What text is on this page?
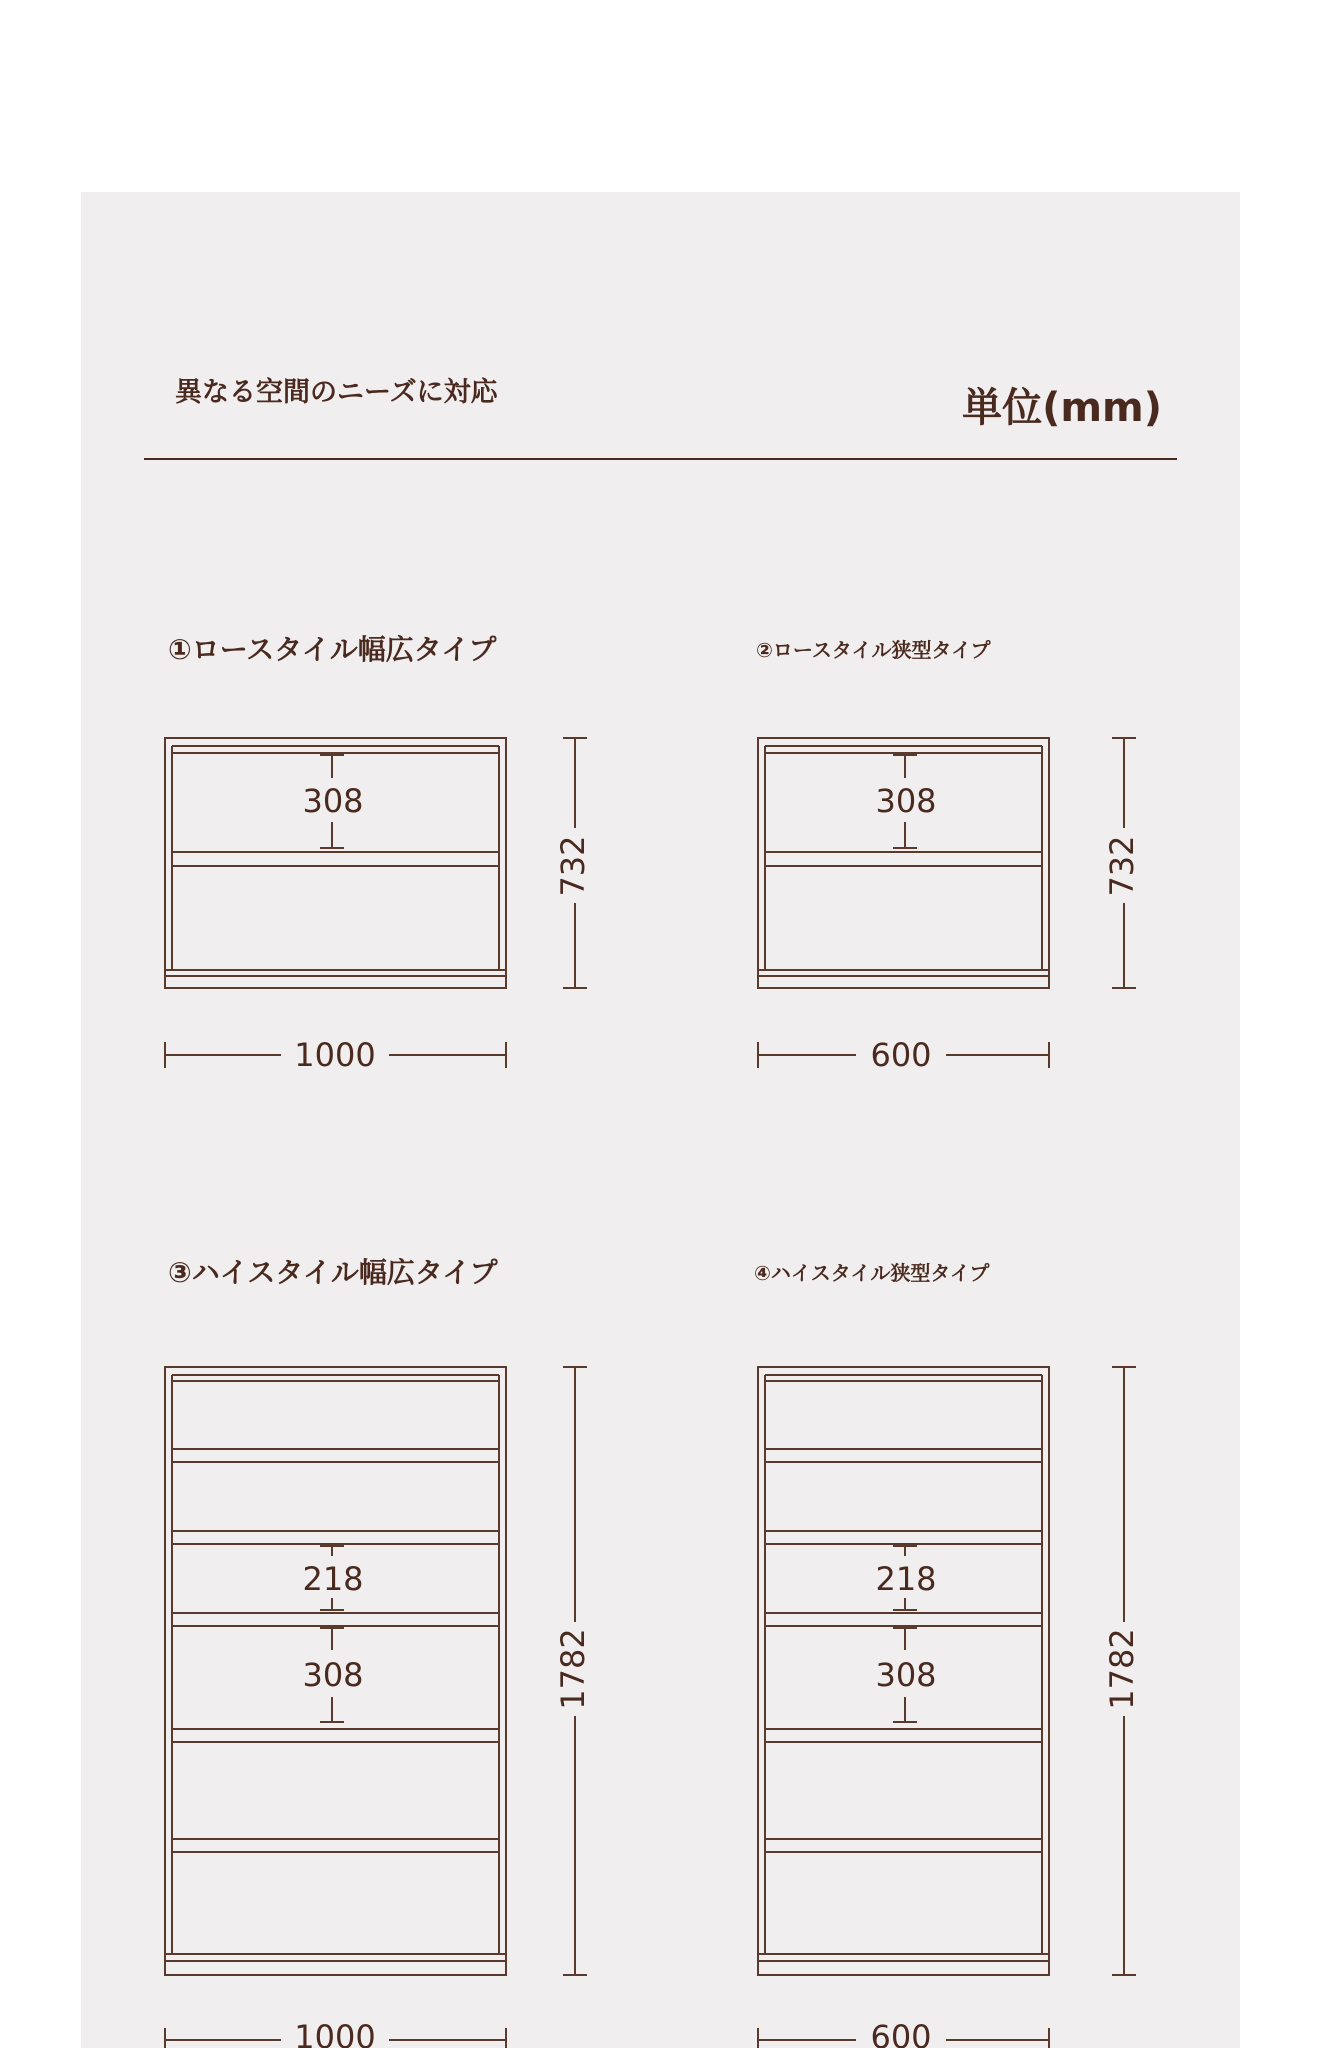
異なる空間のニーズに対応	単位(mm)
①ロースタイル幅広タイプ	②ロースタイル狭型タイプ
③ハイスタイル幅広タイプ	④ハイスタイル狭型タイプ
308
1000
732
308
600
732
218
308
1000
1782
218
308
600
1782
